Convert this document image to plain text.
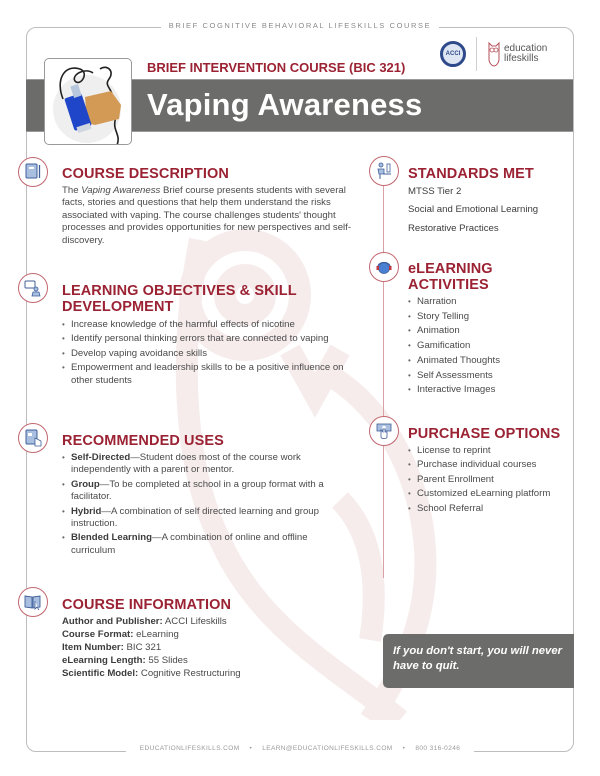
BRIEF COGNITIVE BEHAVIORAL LIFESKILLS COURSE
BRIEF INTERVENTION COURSE (BIC 321)
Vaping Awareness
ACCI	education
lifeskills
COURSE DESCRIPTION
The Vaping Awareness Brief course presents students with several facts, stories and questions that help them understand the risks associated with vaping. The course challenges students' thought processes and provides opportunities for new perspectives and self-discovery.
LEARNING OBJECTIVES & SKILL
DEVELOPMENT
• Increase knowledge of the harmful effects of nicotine
• Identify personal thinking errors that are connected to vaping
• Develop vaping avoidance skills
• Empowerment and leadership skills to be a positive influence on other students
RECOMMENDED USES
• Self-Directed—Student does most of the course work independently with a parent or mentor.
• Group—To be completed at school in a group format with a facilitator.
• Hybrid—A combination of self directed learning and group instruction.
• Blended Learning—A combination of online and offline curriculum
COURSE INFORMATION
Author and Publisher: ACCI Lifeskills
Course Format: eLearning
Item Number: BIC 321
eLearning Length: 55 Slides
Scientific Model: Cognitive Restructuring
STANDARDS MET
MTSS Tier 2
Social and Emotional Learning
Restorative Practices
eLEARNING
ACTIVITIES
• Narration
• Story Telling
• Animation
• Gamification
• Animated Thoughts
• Self Assessments
• Interactive Images
PURCHASE OPTIONS
• License to reprint
• Purchase individual courses
• Parent Enrollment
• Customized eLearning platform
• School Referral
If you don't start, you will never have to quit.
EDUCATIONLIFESKILLS.COM • LEARN@EDUCATIONLIFESKILLS.COM • 800 316-0246
